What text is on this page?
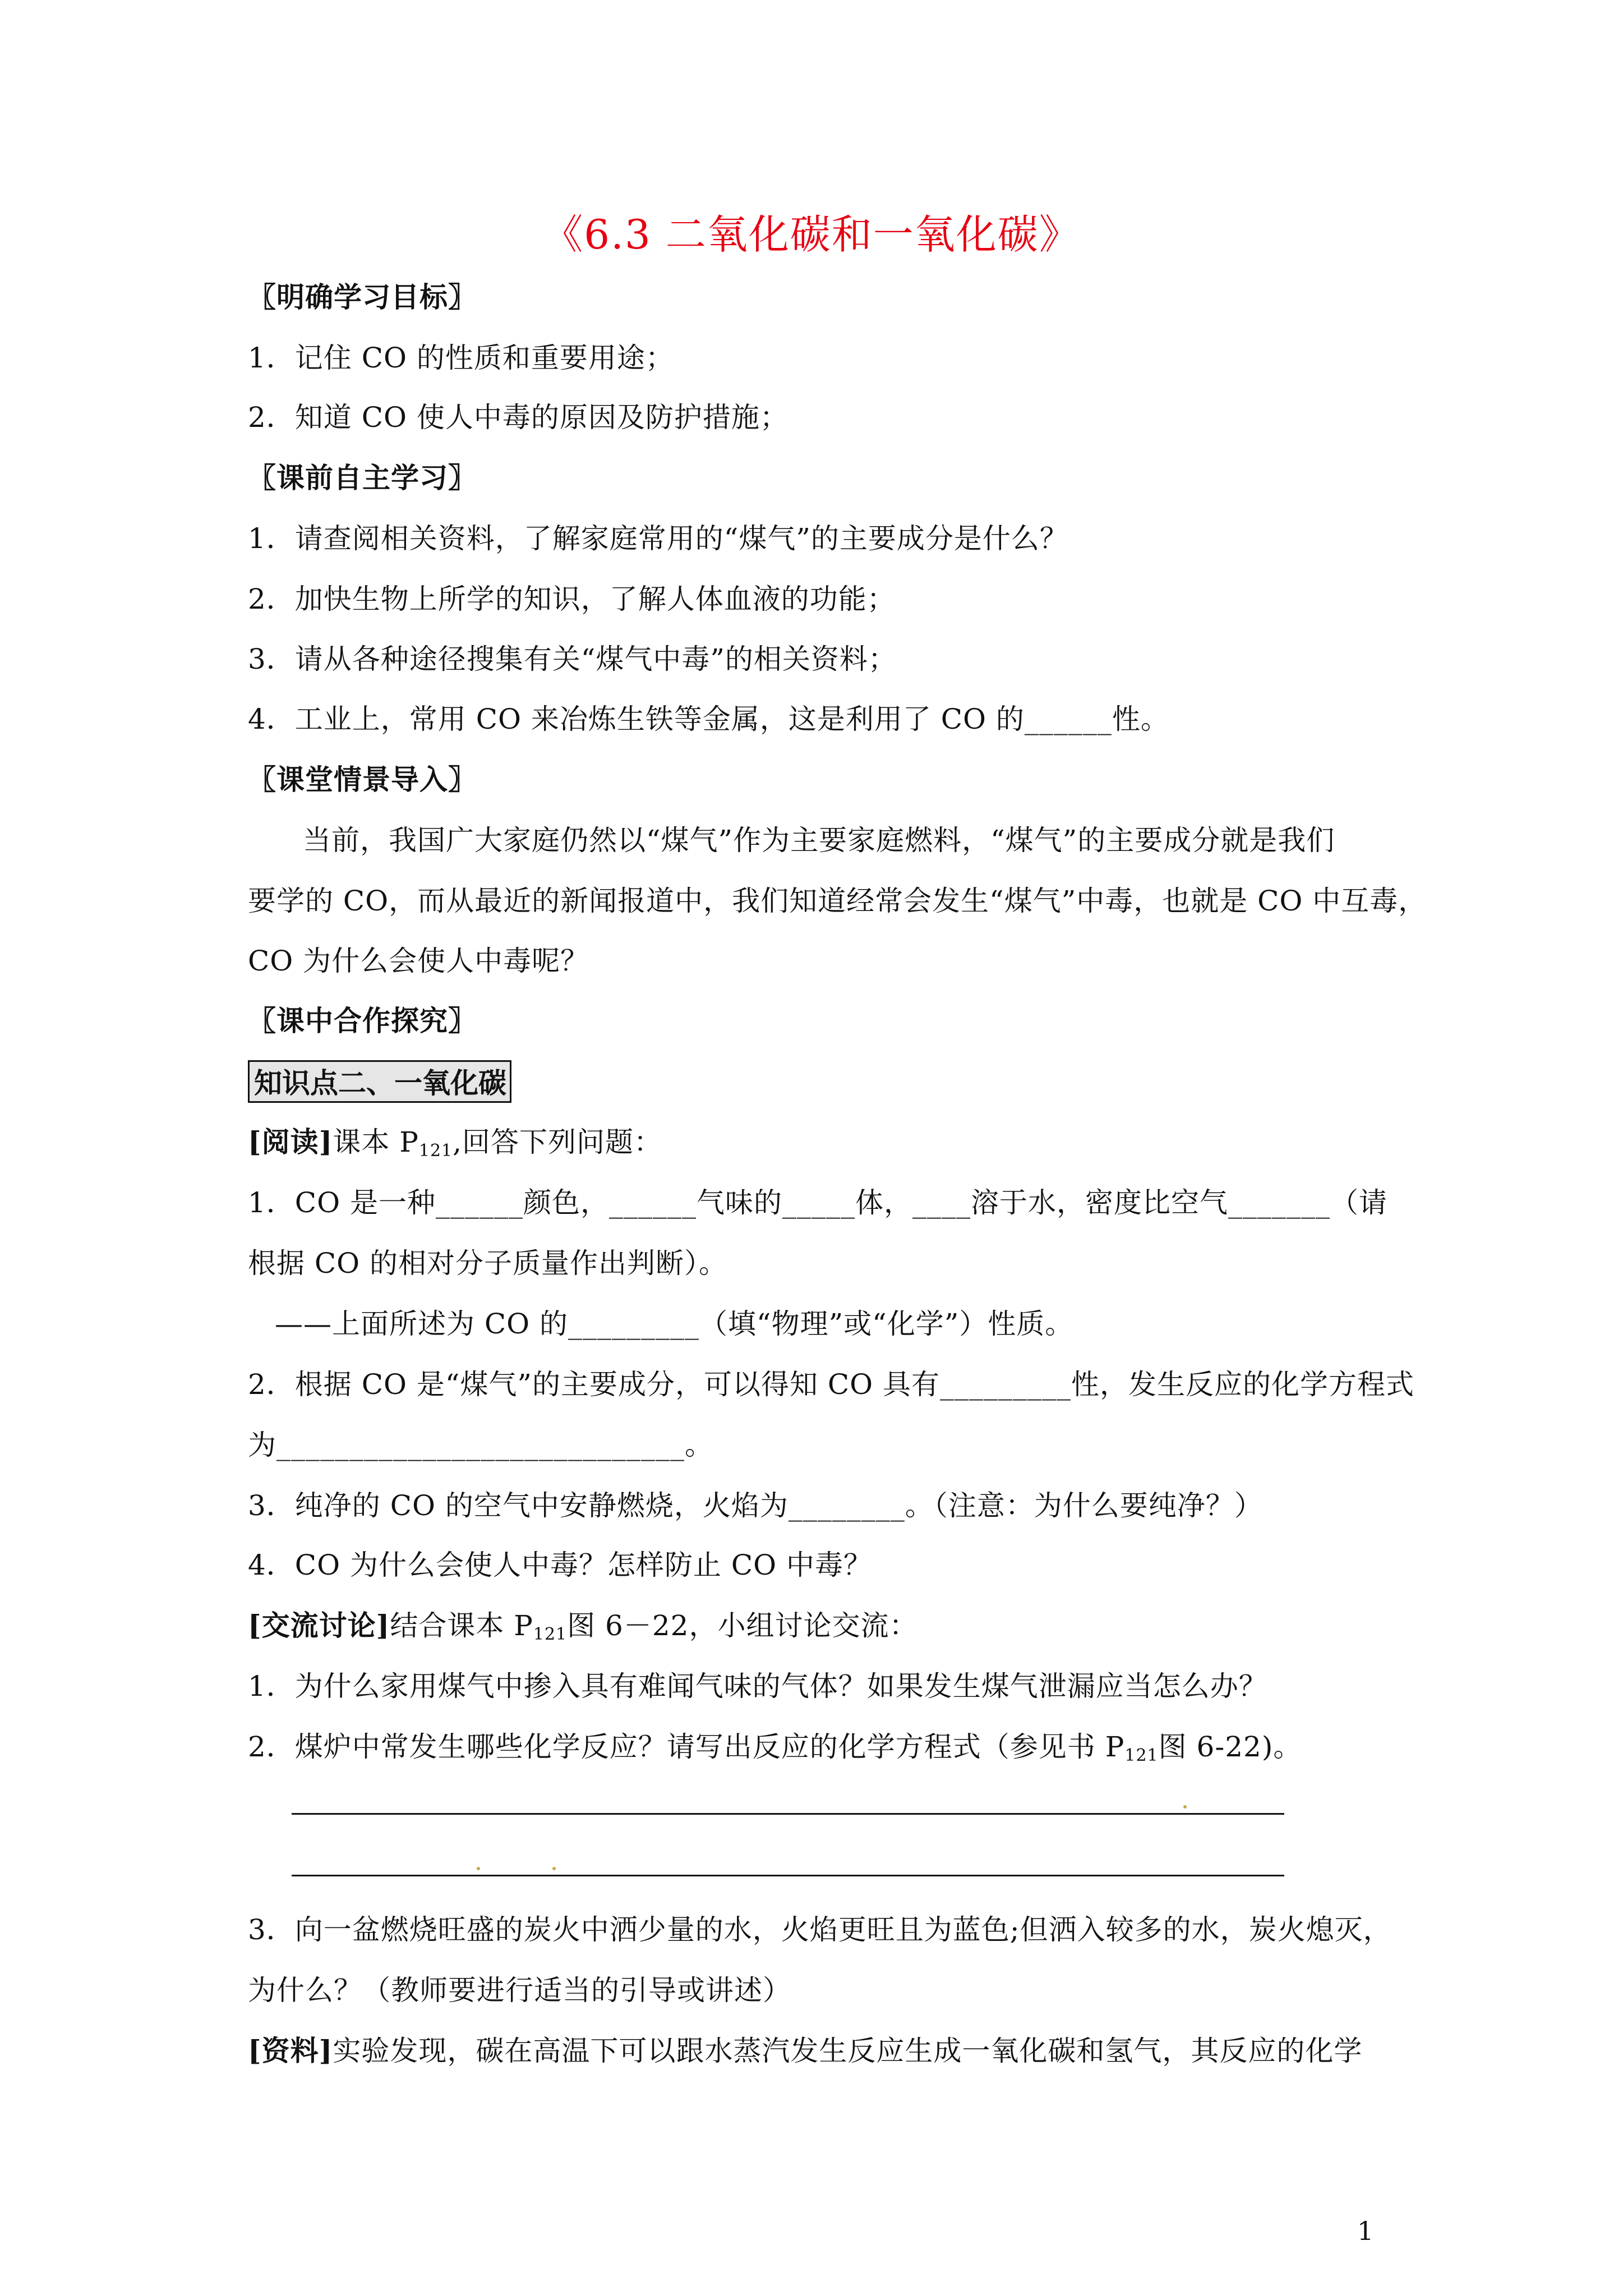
《6.3 二氧化碳和一氧化碳》
〖明确学习目标〗
1．记住 CO 的性质和重要用途；
2．知道 CO 使人中毒的原因及防护措施；
〖课前自主学习〗
1．请查阅相关资料，了解家庭常用的“煤气”的主要成分是什么？
2．加快生物上所学的知识，了解人体血液的功能；
3．请从各种途径搜集有关“煤气中毒”的相关资料；
4．工业上，常用 CO 来冶炼生铁等金属，这是利用了 CO 的______性。
〖课堂情景导入〗
当前，我国广大家庭仍然以“煤气”作为主要家庭燃料，“煤气”的主要成分就是我们
要学的 CO，而从最近的新闻报道中，我们知道经常会发生“煤气”中毒，也就是 CO 中互毒，
CO 为什么会使人中毒呢？
〖课中合作探究〗
知识点二、一氧化碳
[阅读]课本 $P_{121}$,回答下列问题：
1．CO 是一种______颜色，______气味的_____体，____溶于水，密度比空气_______（请
根据 CO 的相对分子质量作出判断）。
——上面所述为 CO 的_________（填“物理”或“化学”）性质。
2．根据 CO 是“煤气”的主要成分，可以得知 CO 具有_________性，发生反应的化学方程式
为____________________________。
3．纯净的 CO 的空气中安静燃烧，火焰为________。（注意：为什么要纯净？）
4．CO 为什么会使人中毒？怎样防止 CO 中毒？
[交流讨论]结合课本 $P_{121}$图 6－22，小组讨论交流：
1．为什么家用煤气中掺入具有难闻气味的气体？如果发生煤气泄漏应当怎么办？
2．煤炉中常发生哪些化学反应？请写出反应的化学方程式（参见书 $P_{121}$图 6-22)。
3．向一盆燃烧旺盛的炭火中洒少量的水，火焰更旺且为蓝色;但洒入较多的水，炭火熄灭，
为什么？（教师要进行适当的引导或讲述）
[资料]实验发现，碳在高温下可以跟水蒸汽发生反应生成一氧化碳和氢气，其反应的化学
1
